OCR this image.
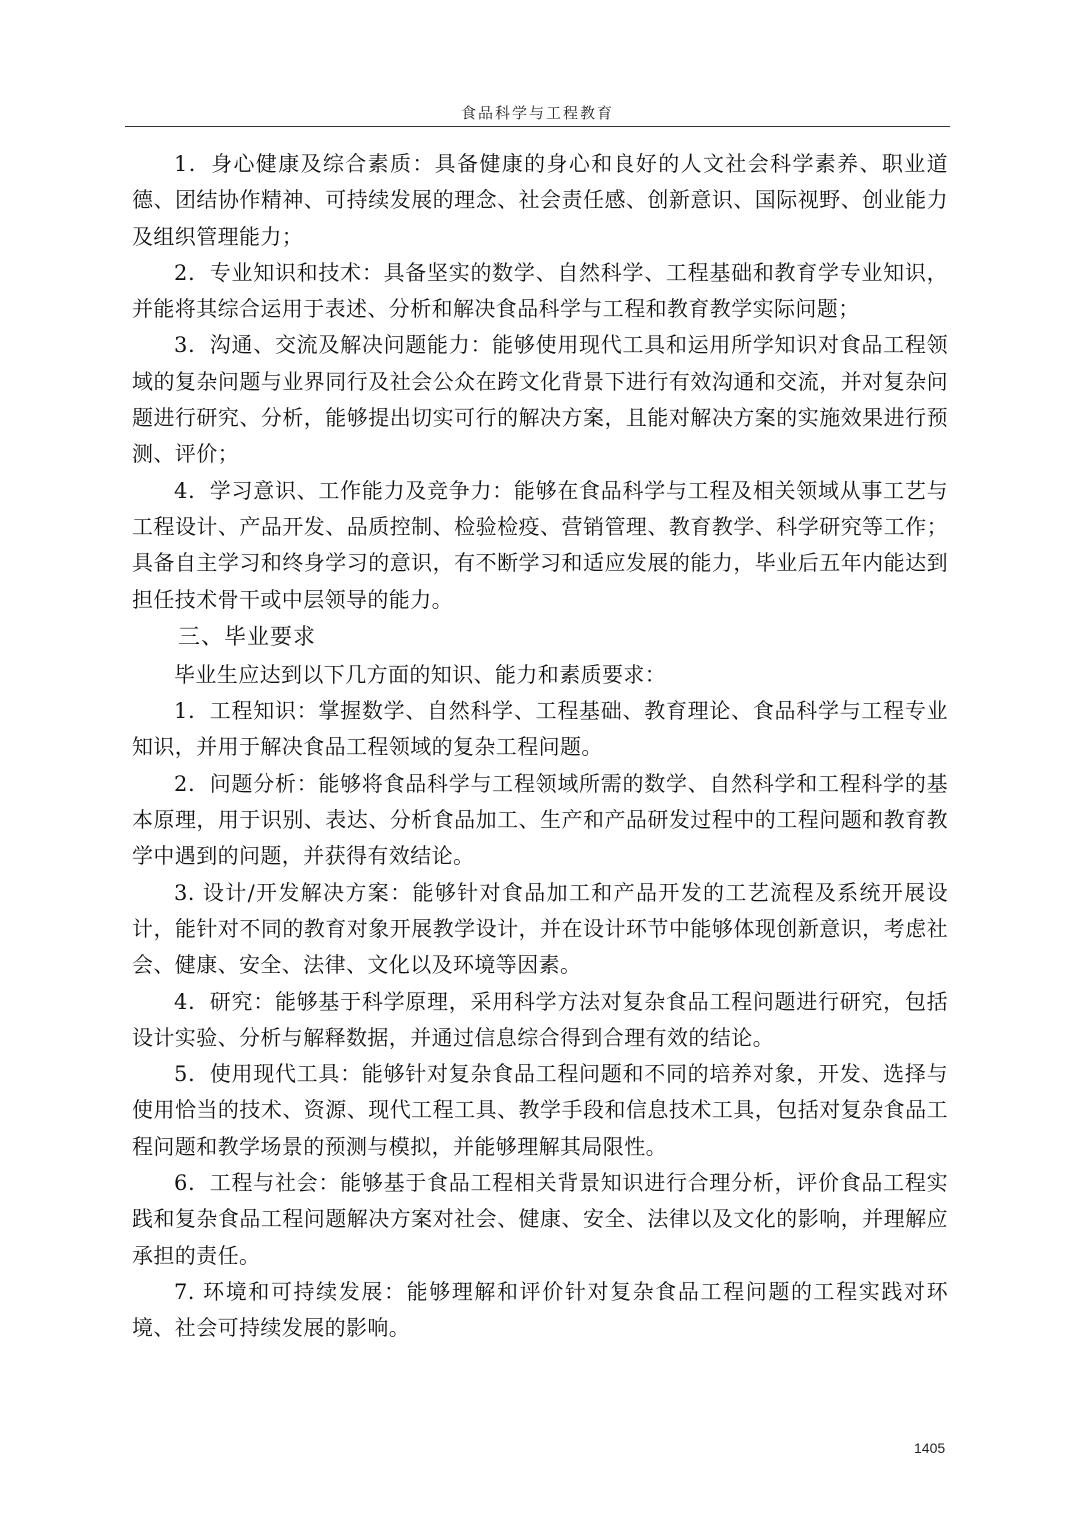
食品科学与工程教育

1．身心健康及综合素质：具备健康的身心和良好的人文社会科学素养、职业道德、团结协作精神、可持续发展的理念、社会责任感、创新意识、国际视野、创业能力及组织管理能力；

2．专业知识和技术：具备坚实的数学、自然科学、工程基础和教育学专业知识，并能将其综合运用于表述、分析和解决食品科学与工程和教育教学实际问题；

3．沟通、交流及解决问题能力：能够使用现代工具和运用所学知识对食品工程领域的复杂问题与业界同行及社会公众在跨文化背景下进行有效沟通和交流，并对复杂问题进行研究、分析，能够提出切实可行的解决方案，且能对解决方案的实施效果进行预测、评价；

4．学习意识、工作能力及竞争力：能够在食品科学与工程及相关领域从事工艺与工程设计、产品开发、品质控制、检验检疫、营销管理、教育教学、科学研究等工作；具备自主学习和终身学习的意识，有不断学习和适应发展的能力，毕业后五年内能达到担任技术骨干或中层领导的能力。

三、毕业要求

毕业生应达到以下几方面的知识、能力和素质要求：

1．工程知识：掌握数学、自然科学、工程基础、教育理论、食品科学与工程专业知识，并用于解决食品工程领域的复杂工程问题。

2．问题分析：能够将食品科学与工程领域所需的数学、自然科学和工程科学的基本原理，用于识别、表达、分析食品加工、生产和产品研发过程中的工程问题和教育教学中遇到的问题，并获得有效结论。

3. 设计/开发解决方案：能够针对食品加工和产品开发的工艺流程及系统开展设计，能针对不同的教育对象开展教学设计，并在设计环节中能够体现创新意识，考虑社会、健康、安全、法律、文化以及环境等因素。

4．研究：能够基于科学原理，采用科学方法对复杂食品工程问题进行研究，包括设计实验、分析与解释数据，并通过信息综合得到合理有效的结论。

5．使用现代工具：能够针对复杂食品工程问题和不同的培养对象，开发、选择与使用恰当的技术、资源、现代工程工具、教学手段和信息技术工具，包括对复杂食品工程问题和教学场景的预测与模拟，并能够理解其局限性。

6．工程与社会：能够基于食品工程相关背景知识进行合理分析，评价食品工程实践和复杂食品工程问题解决方案对社会、健康、安全、法律以及文化的影响，并理解应承担的责任。

7. 环境和可持续发展：能够理解和评价针对复杂食品工程问题的工程实践对环境、社会可持续发展的影响。

1405
